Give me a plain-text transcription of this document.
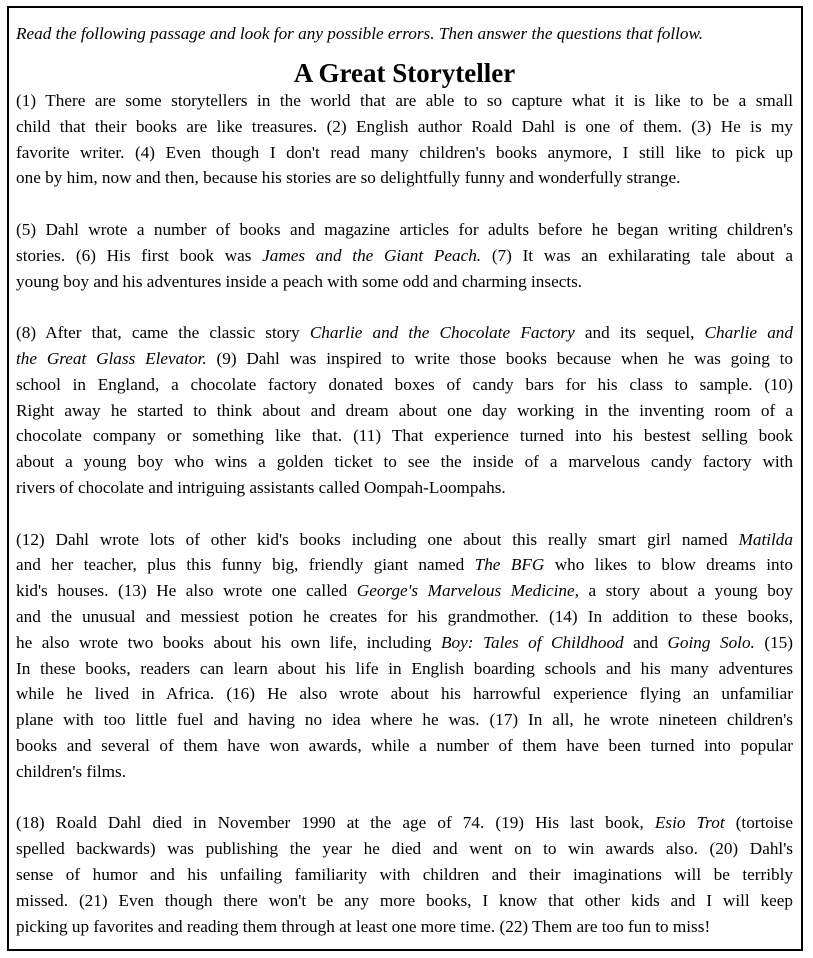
Read the following passage and look for any possible errors. Then answer the questions that follow.
A Great Storyteller
(1) There are some storytellers in the world that are able to so capture what it is like to be a small
child that their books are like treasures. (2) English author Roald Dahl is one of them. (3) He is my
favorite writer. (4) Even though I don't read many children's books anymore, I still like to pick up
one by him, now and then, because his stories are so delightfully funny and wonderfully strange.
(5) Dahl wrote a number of books and magazine articles for adults before he began writing children's
stories. (6) His first book was James and the Giant Peach. (7) It was an exhilarating tale about a
young boy and his adventures inside a peach with some odd and charming insects.
(8) After that, came the classic story Charlie and the Chocolate Factory and its sequel, Charlie and
the Great Glass Elevator. (9) Dahl was inspired to write those books because when he was going to
school in England, a chocolate factory donated boxes of candy bars for his class to sample. (10)
Right away he started to think about and dream about one day working in the inventing room of a
chocolate company or something like that. (11) That experience turned into his bestest selling book
about a young boy who wins a golden ticket to see the inside of a marvelous candy factory with
rivers of chocolate and intriguing assistants called Oompah-Loompahs.
(12) Dahl wrote lots of other kid's books including one about this really smart girl named Matilda
and her teacher, plus this funny big, friendly giant named The BFG who likes to blow dreams into
kid's houses. (13) He also wrote one called George's Marvelous Medicine, a story about a young boy
and the unusual and messiest potion he creates for his grandmother. (14) In addition to these books,
he also wrote two books about his own life, including Boy: Tales of Childhood and Going Solo. (15)
In these books, readers can learn about his life in English boarding schools and his many adventures
while he lived in Africa. (16) He also wrote about his harrowful experience flying an unfamiliar
plane with too little fuel and having no idea where he was. (17) In all, he wrote nineteen children's
books and several of them have won awards, while a number of them have been turned into popular
children's films.
(18) Roald Dahl died in November 1990 at the age of 74. (19) His last book, Esio Trot (tortoise
spelled backwards) was publishing the year he died and went on to win awards also. (20) Dahl's
sense of humor and his unfailing familiarity with children and their imaginations will be terribly
missed. (21) Even though there won't be any more books, I know that other kids and I will keep
picking up favorites and reading them through at least one more time. (22) Them are too fun to miss!
